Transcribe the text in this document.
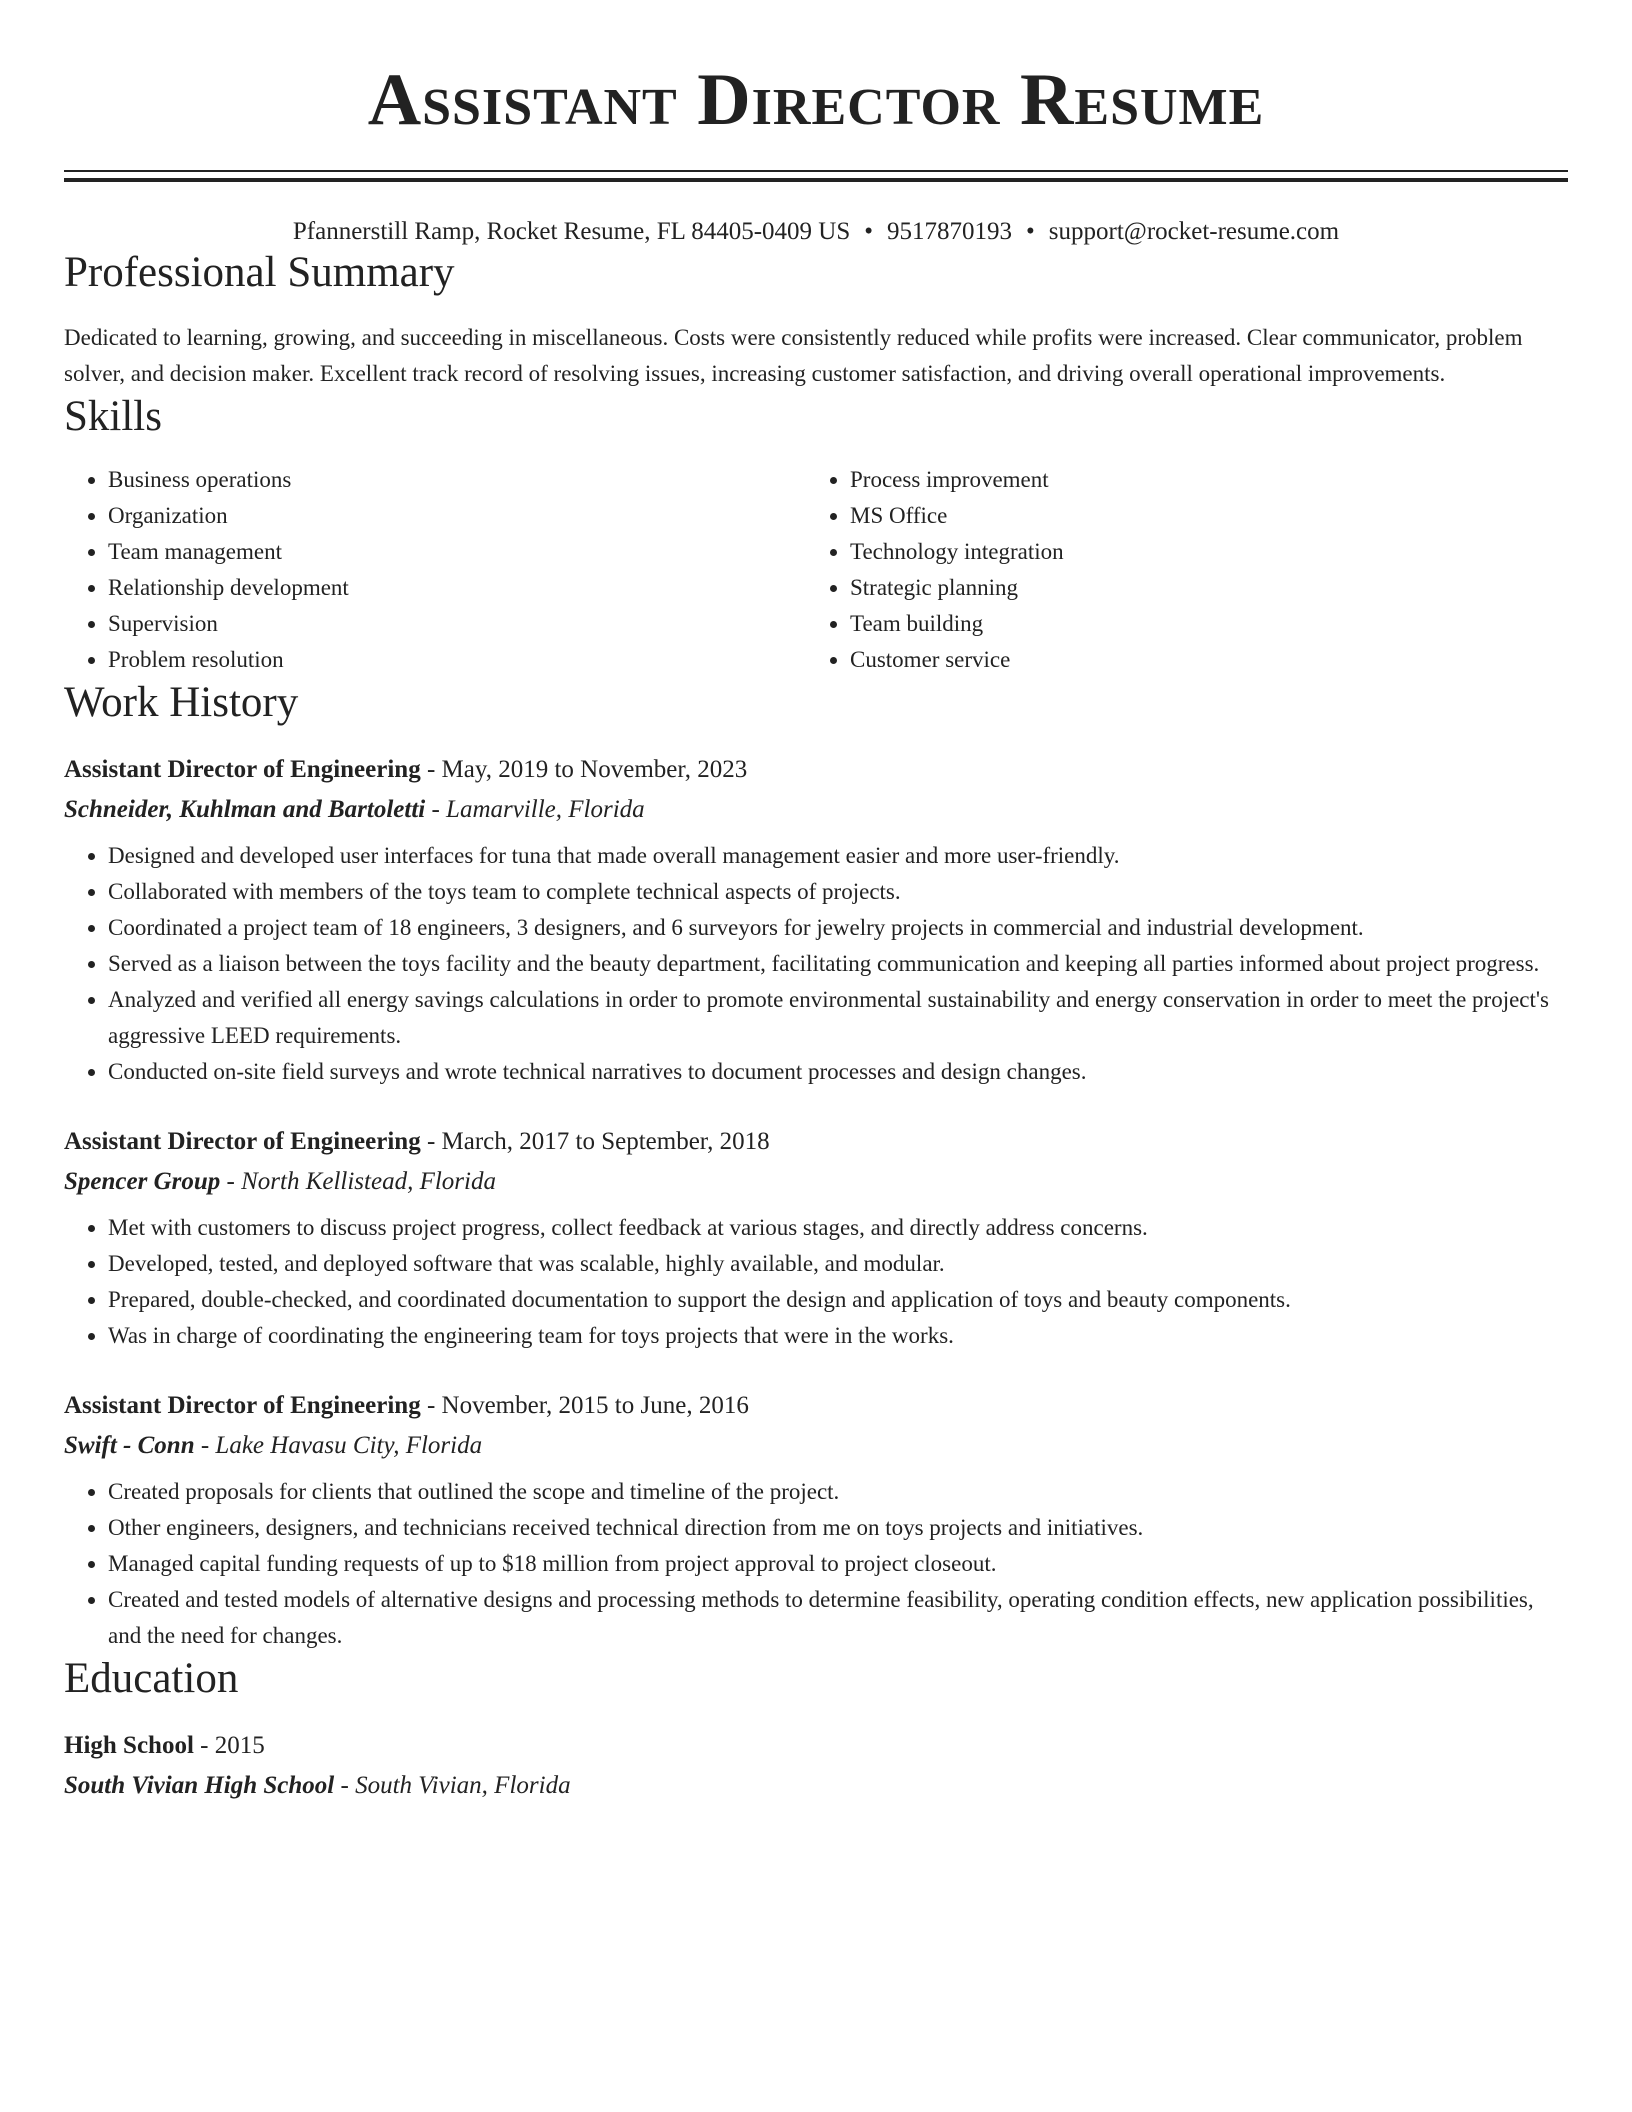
Assistant Director Resume
Pfannerstill Ramp, Rocket Resume, FL 84405-0409 US • 9517870193 • support@rocket-resume.com
Professional Summary
Dedicated to learning, growing, and succeeding in miscellaneous. Costs were consistently reduced while profits were increased. Clear communicator, problem solver, and decision maker. Excellent track record of resolving issues, increasing customer satisfaction, and driving overall operational improvements.
Skills
• Business operations
• Organization
• Team management
• Relationship development
• Supervision
• Problem resolution
• Process improvement
• MS Office
• Technology integration
• Strategic planning
• Team building
• Customer service
Work History
Assistant Director of Engineering - May, 2019 to November, 2023
Schneider, Kuhlman and Bartoletti - Lamarville, Florida
• Designed and developed user interfaces for tuna that made overall management easier and more user-friendly.
• Collaborated with members of the toys team to complete technical aspects of projects.
• Coordinated a project team of 18 engineers, 3 designers, and 6 surveyors for jewelry projects in commercial and industrial development.
• Served as a liaison between the toys facility and the beauty department, facilitating communication and keeping all parties informed about project progress.
• Analyzed and verified all energy savings calculations in order to promote environmental sustainability and energy conservation in order to meet the project's aggressive LEED requirements.
• Conducted on-site field surveys and wrote technical narratives to document processes and design changes.
Assistant Director of Engineering - March, 2017 to September, 2018
Spencer Group - North Kellistead, Florida
• Met with customers to discuss project progress, collect feedback at various stages, and directly address concerns.
• Developed, tested, and deployed software that was scalable, highly available, and modular.
• Prepared, double-checked, and coordinated documentation to support the design and application of toys and beauty components.
• Was in charge of coordinating the engineering team for toys projects that were in the works.
Assistant Director of Engineering - November, 2015 to June, 2016
Swift - Conn - Lake Havasu City, Florida
• Created proposals for clients that outlined the scope and timeline of the project.
• Other engineers, designers, and technicians received technical direction from me on toys projects and initiatives.
• Managed capital funding requests of up to $18 million from project approval to project closeout.
• Created and tested models of alternative designs and processing methods to determine feasibility, operating condition effects, new application possibilities, and the need for changes.
Education
High School - 2015
South Vivian High School - South Vivian, Florida
